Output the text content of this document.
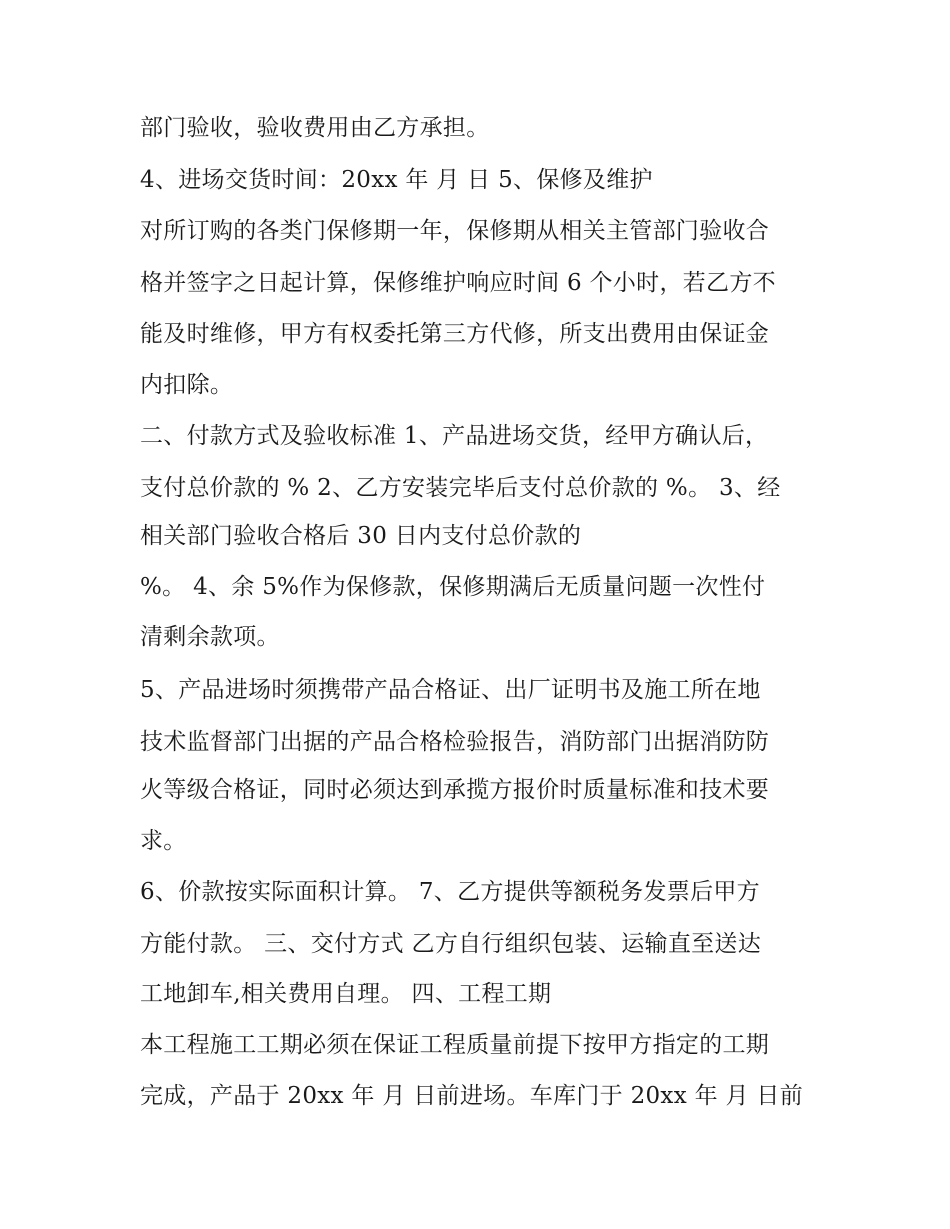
部门验收，验收费用由乙方承担。
4、进场交货时间：20xx 年 月 日 5、保修及维护
对所订购的各类门保修期一年，保修期从相关主管部门验收合
格并签字之日起计算，保修维护响应时间 6 个小时，若乙方不
能及时维修，甲方有权委托第三方代修，所支出费用由保证金
内扣除。
二、付款方式及验收标准 1、产品进场交货，经甲方确认后，
支付总价款的 % 2、乙方安装完毕后支付总价款的 %。 3、经
相关部门验收合格后 30 日内支付总价款的
%。 4、余 5%作为保修款，保修期满后无质量问题一次性付
清剩余款项。
5、产品进场时须携带产品合格证、出厂证明书及施工所在地
技术监督部门出据的产品合格检验报告，消防部门出据消防防
火等级合格证，同时必须达到承揽方报价时质量标准和技术要
求。
6、价款按实际面积计算。 7、乙方提供等额税务发票后甲方
方能付款。 三、交付方式 乙方自行组织包装、运输直至送达
工地卸车,相关费用自理。 四、工程工期
本工程施工工期必须在保证工程质量前提下按甲方指定的工期
完成，产品于 20xx 年 月 日前进场。车库门于 20xx 年 月 日前
